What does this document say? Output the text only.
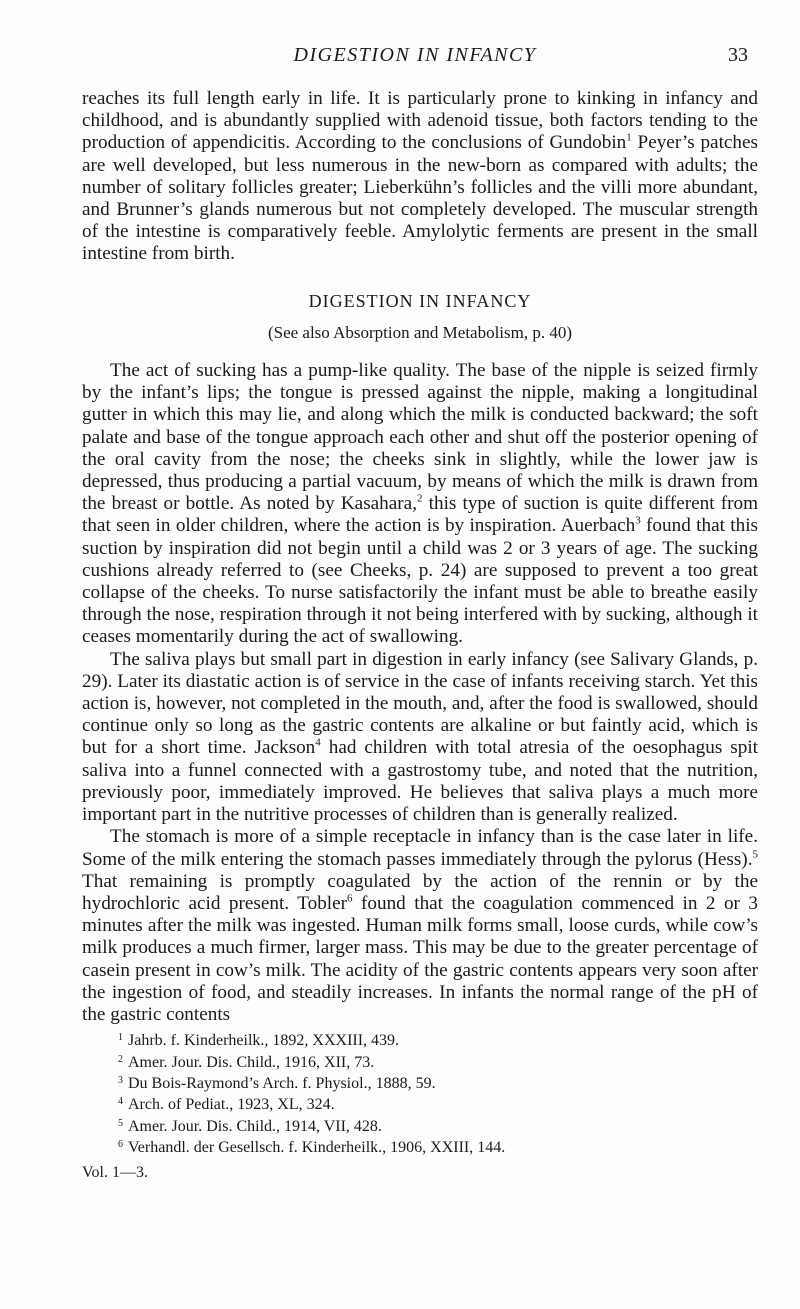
DIGESTION IN INFANCY	33

reaches its full length early in life. It is particularly prone to kinking in infancy and childhood, and is abundantly supplied with adenoid tissue, both factors tending to the production of appendicitis. According to the conclusions of Gundobin$^1$ Peyer’s patches are well developed, but less numerous in the new-born as compared with adults; the number of solitary follicles greater; Lieberkühn’s follicles and the villi more abundant, and Brunner’s glands numerous but not completely developed. The muscular strength of the intestine is comparatively feeble. Amylolytic ferments are present in the small intestine from birth.

DIGESTION IN INFANCY
(See also Absorption and Metabolism, p. 40)

The act of sucking has a pump-like quality. The base of the nipple is seized firmly by the infant’s lips; the tongue is pressed against the nipple, making a longitudinal gutter in which this may lie, and along which the milk is conducted backward; the soft palate and base of the tongue approach each other and shut off the posterior opening of the oral cavity from the nose; the cheeks sink in slightly, while the lower jaw is depressed, thus producing a partial vacuum, by means of which the milk is drawn from the breast or bottle. As noted by Kasahara,$^2$ this type of suction is quite different from that seen in older children, where the action is by inspiration. Auerbach$^3$ found that this suction by inspiration did not begin until a child was 2 or 3 years of age. The sucking cushions already referred to (see Cheeks, p. 24) are supposed to prevent a too great collapse of the cheeks. To nurse satisfactorily the infant must be able to breathe easily through the nose, respiration through it not being interfered with by sucking, although it ceases momentarily during the act of swallowing.

The saliva plays but small part in digestion in early infancy (see Salivary Glands, p. 29). Later its diastatic action is of service in the case of infants receiving starch. Yet this action is, however, not completed in the mouth, and, after the food is swallowed, should continue only so long as the gastric contents are alkaline or but faintly acid, which is but for a short time. Jackson$^4$ had children with total atresia of the oesophagus spit saliva into a funnel connected with a gastrostomy tube, and noted that the nutrition, previously poor, immediately improved. He believes that saliva plays a much more important part in the nutritive processes of children than is generally realized.

The stomach is more of a simple receptacle in infancy than is the case later in life. Some of the milk entering the stomach passes immediately through the pylorus (Hess).$^5$ That remaining is promptly coagulated by the action of the rennin or by the hydrochloric acid present. Tobler$^6$ found that the coagulation commenced in 2 or 3 minutes after the milk was ingested. Human milk forms small, loose curds, while cow’s milk produces a much firmer, larger mass. This may be due to the greater percentage of casein present in cow’s milk. The acidity of the gastric contents appears very soon after the ingestion of food, and steadily increases. In infants the normal range of the pH of the gastric contents

$^1$ Jahrb. f. Kinderheilk., 1892, XXXIII, 439.
$^2$ Amer. Jour. Dis. Child., 1916, XII, 73.
$^3$ Du Bois-Raymond’s Arch. f. Physiol., 1888, 59.
$^4$ Arch. of Pediat., 1923, XL, 324.
$^5$ Amer. Jour. Dis. Child., 1914, VII, 428.
$^6$ Verhandl. der Gesellsch. f. Kinderheilk., 1906, XXIII, 144.
Vol. 1—3.
